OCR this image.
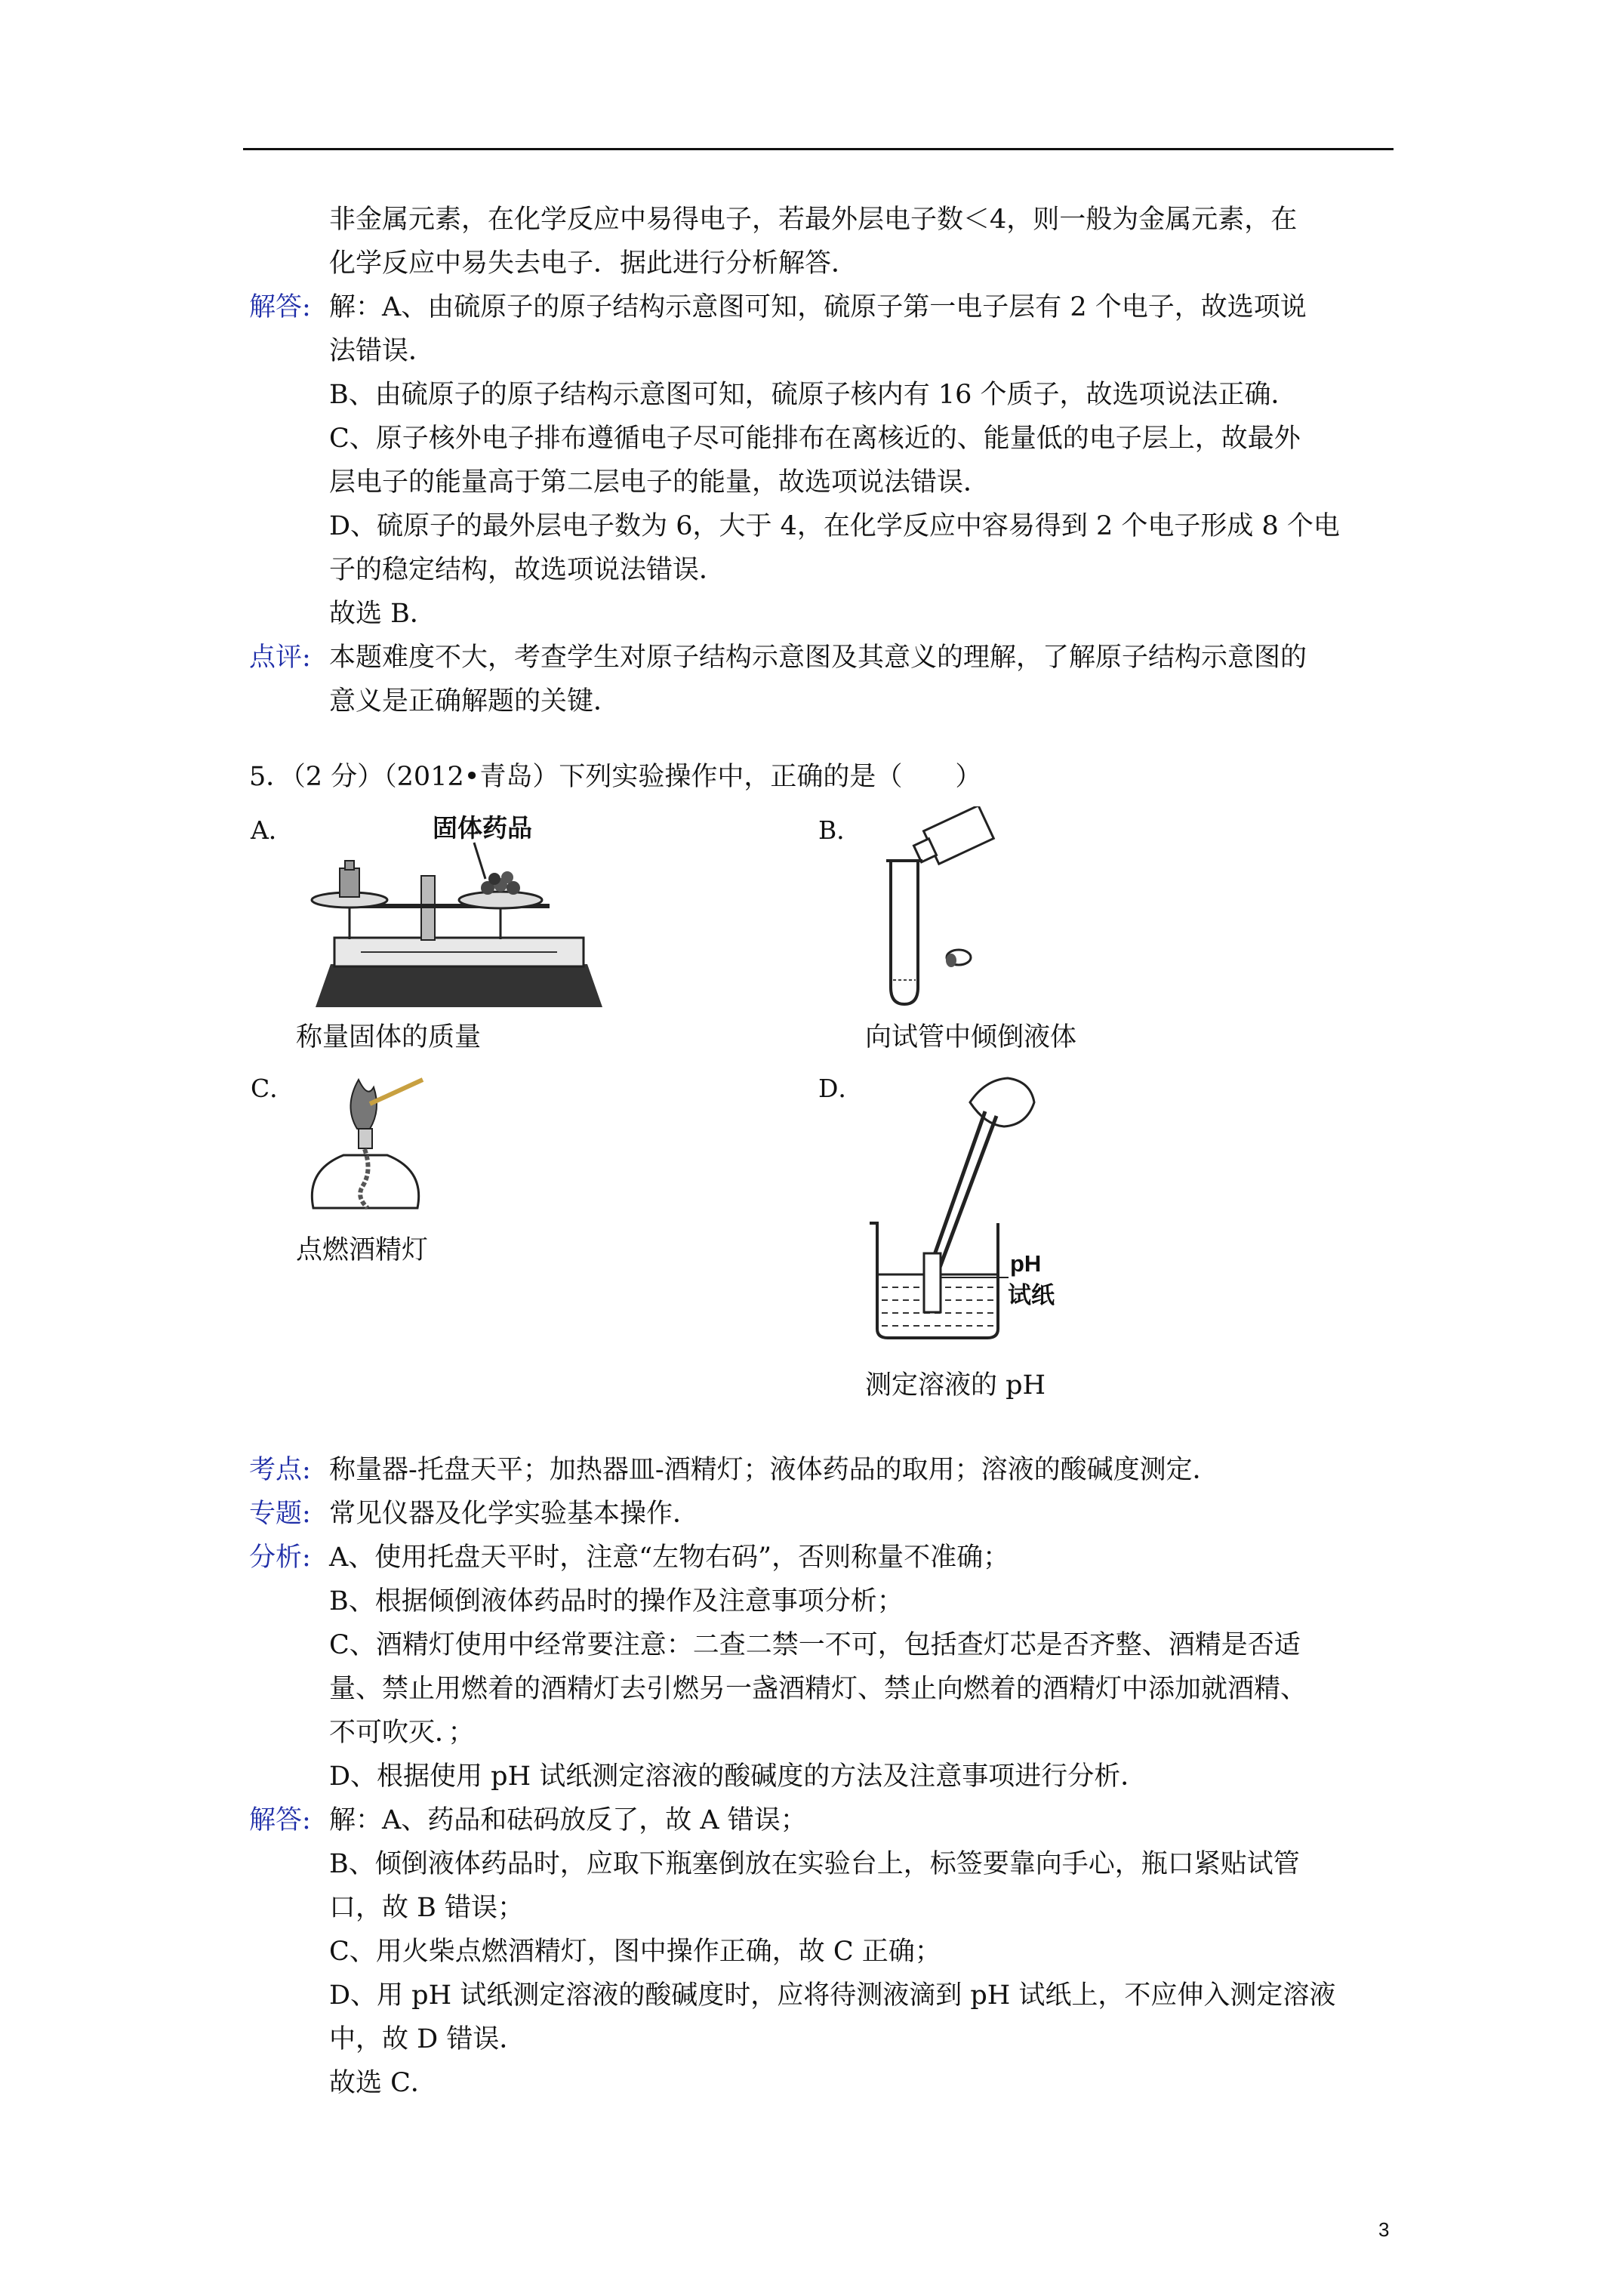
非金属元素，在化学反应中易得电子，若最外层电子数＜4，则一般为金属元素，在
化学反应中易失去电子．据此进行分析解答．
解答: 解：A、由硫原子的原子结构示意图可知，硫原子第一电子层有 2 个电子，故选项说
法错误．
B、由硫原子的原子结构示意图可知，硫原子核内有 16 个质子，故选项说法正确．
C、原子核外电子排布遵循电子尽可能排布在离核近的、能量低的电子层上，故最外
层电子的能量高于第二层电子的能量，故选项说法错误．
D、硫原子的最外层电子数为 6，大于 4，在化学反应中容易得到 2 个电子形成 8 个电
子的稳定结构，故选项说法错误．
故选 B．
点评: 本题难度不大，考查学生对原子结构示意图及其意义的理解，了解原子结构示意图的
意义是正确解题的关键．
5．（2 分）（2012•青岛）下列实验操作中，正确的是（　　）
A．	固体药品
称量固体的质量
B．
向试管中倾倒液体
C．
点燃酒精灯
D．
pH
试纸
测定溶液的 pH
考点: 称量器-托盘天平；加热器皿-酒精灯；液体药品的取用；溶液的酸碱度测定．
专题: 常见仪器及化学实验基本操作．
分析: A、使用托盘天平时，注意“左物右码”，否则称量不准确；
B、根据倾倒液体药品时的操作及注意事项分析；
C、酒精灯使用中经常要注意：二查二禁一不可，包括查灯芯是否齐整、酒精是否适
量、禁止用燃着的酒精灯去引燃另一盏酒精灯、禁止向燃着的酒精灯中添加就酒精、
不可吹灭．；
D、根据使用 pH 试纸测定溶液的酸碱度的方法及注意事项进行分析．
解答: 解：A、药品和砝码放反了，故 A 错误；
B、倾倒液体药品时，应取下瓶塞倒放在实验台上，标签要靠向手心，瓶口紧贴试管
口，故 B 错误；
C、用火柴点燃酒精灯，图中操作正确，故 C 正确；
D、用 pH 试纸测定溶液的酸碱度时，应将待测液滴到 pH 试纸上，不应伸入测定溶液
中，故 D 错误．
故选 C．
3
